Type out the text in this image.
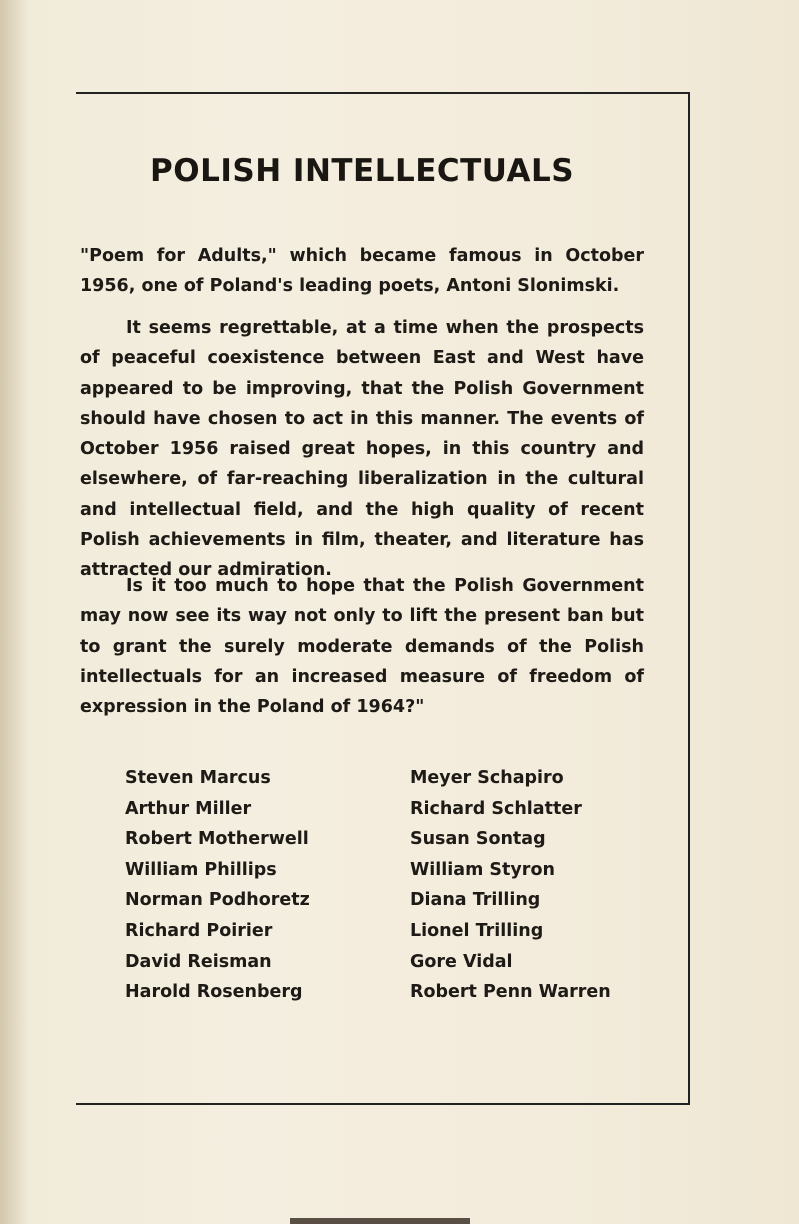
POLISH INTELLECTUALS

"Poem for Adults," which became famous in October 1956, one of Poland's leading poets, Antoni Slonimski.

It seems regrettable, at a time when the prospects of peaceful coexistence between East and West have appeared to be improving, that the Polish Government should have chosen to act in this manner. The events of October 1956 raised great hopes, in this country and elsewhere, of far-reaching liberalization in the cultural and intellectual field, and the high quality of recent Polish achievements in film, theater, and literature has attracted our admiration.

Is it too much to hope that the Polish Government may now see its way not only to lift the present ban but to grant the surely moderate demands of the Polish intellectuals for an increased measure of freedom of expression in the Poland of 1964?"

Steven Marcus
Arthur Miller
Robert Motherwell
William Phillips
Norman Podhoretz
Richard Poirier
David Reisman
Harold Rosenberg
Meyer Schapiro
Richard Schlatter
Susan Sontag
William Styron
Diana Trilling
Lionel Trilling
Gore Vidal
Robert Penn Warren
